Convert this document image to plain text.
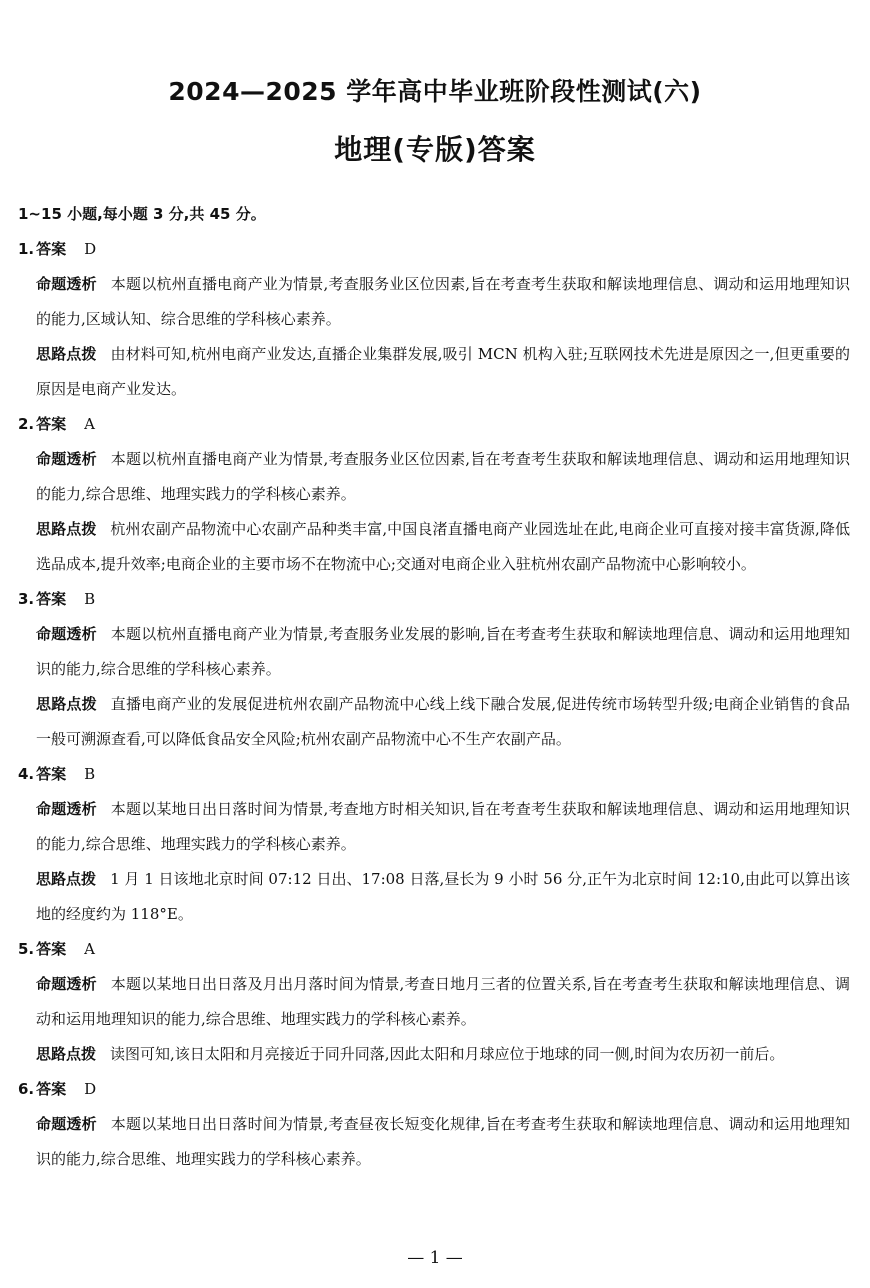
2024—2025 学年高中毕业班阶段性测试(六)
地理(专版)答案
1~15 小题,每小题 3 分,共 45 分。
1. 答案 D
命题透析 本题以杭州直播电商产业为情景,考查服务业区位因素,旨在考查考生获取和解读地理信息、调动和运用地理知识的能力,区域认知、综合思维的学科核心素养。
思路点拨 由材料可知,杭州电商产业发达,直播企业集群发展,吸引 MCN 机构入驻;互联网技术先进是原因之一,但更重要的原因是电商产业发达。
2. 答案 A
命题透析 本题以杭州直播电商产业为情景,考查服务业区位因素,旨在考查考生获取和解读地理信息、调动和运用地理知识的能力,综合思维、地理实践力的学科核心素养。
思路点拨 杭州农副产品物流中心农副产品种类丰富,中国良渚直播电商产业园选址在此,电商企业可直接对接丰富货源,降低选品成本,提升效率;电商企业的主要市场不在物流中心;交通对电商企业入驻杭州农副产品物流中心影响较小。
3. 答案 B
命题透析 本题以杭州直播电商产业为情景,考查服务业发展的影响,旨在考查考生获取和解读地理信息、调动和运用地理知识的能力,综合思维的学科核心素养。
思路点拨 直播电商产业的发展促进杭州农副产品物流中心线上线下融合发展,促进传统市场转型升级;电商企业销售的食品一般可溯源查看,可以降低食品安全风险;杭州农副产品物流中心不生产农副产品。
4. 答案 B
命题透析 本题以某地日出日落时间为情景,考查地方时相关知识,旨在考查考生获取和解读地理信息、调动和运用地理知识的能力,综合思维、地理实践力的学科核心素养。
思路点拨 1 月 1 日该地北京时间 07:12 日出、17:08 日落,昼长为 9 小时 56 分,正午为北京时间 12:10,由此可以算出该地的经度约为 118°E。
5. 答案 A
命题透析 本题以某地日出日落及月出月落时间为情景,考查日地月三者的位置关系,旨在考查考生获取和解读地理信息、调动和运用地理知识的能力,综合思维、地理实践力的学科核心素养。
思路点拨 读图可知,该日太阳和月亮接近于同升同落,因此太阳和月球应位于地球的同一侧,时间为农历初一前后。
6. 答案 D
命题透析 本题以某地日出日落时间为情景,考查昼夜长短变化规律,旨在考查考生获取和解读地理信息、调动和运用地理知识的能力,综合思维、地理实践力的学科核心素养。
— 1 —
